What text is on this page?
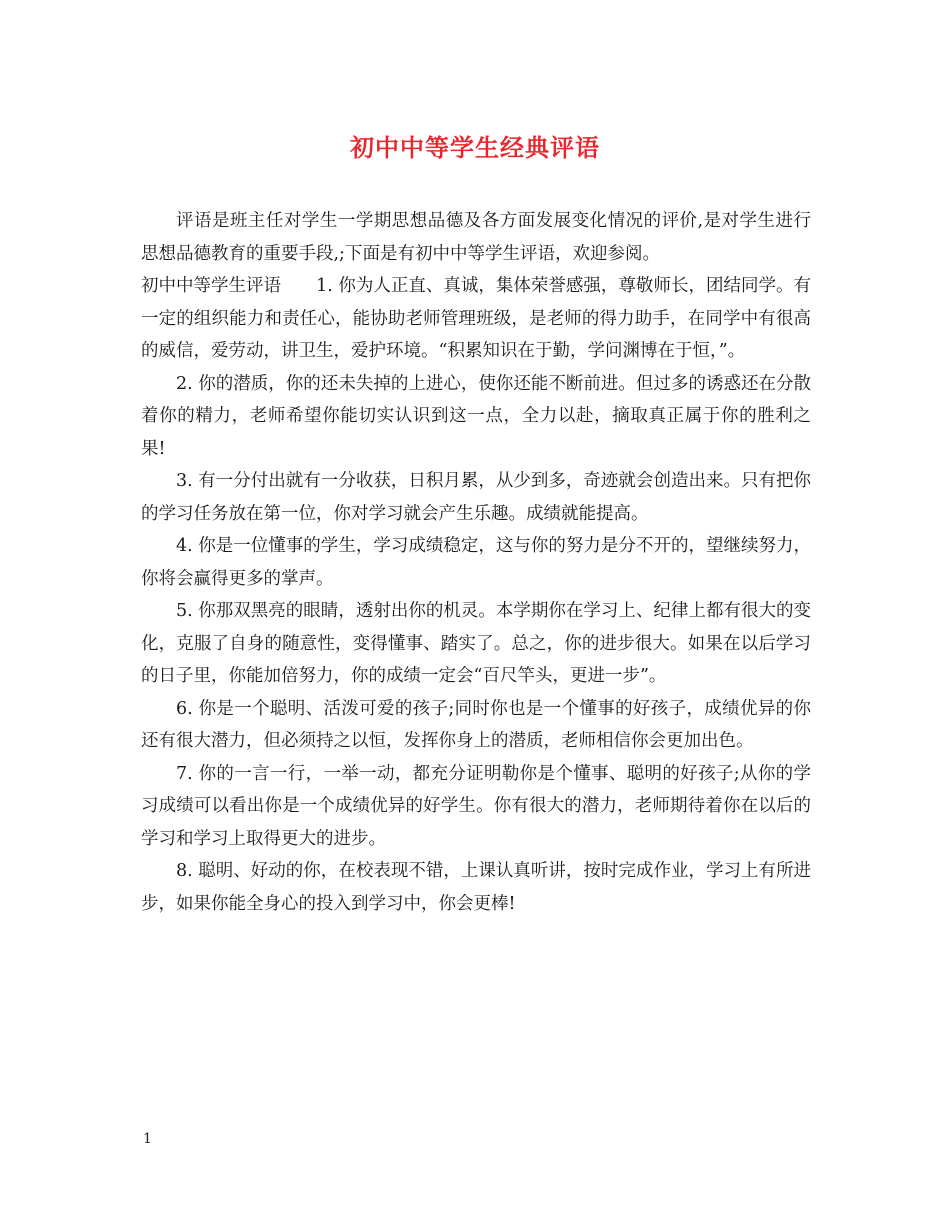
初中中等学生经典评语

评语是班主任对学生一学期思想品德及各方面发展变化情况的评价,是对学生进行思想品德教育的重要手段,;下面是有初中中等学生评语，欢迎参阅。

初中中等学生评语　　1. 你为人正直、真诚，集体荣誉感强，尊敬师长，团结同学。有一定的组织能力和责任心，能协助老师管理班级，是老师的得力助手，在同学中有很高的威信，爱劳动，讲卫生，爱护环境。“积累知识在于勤，学问渊博在于恒，”。

2. 你的潜质，你的还未失掉的上进心，使你还能不断前进。但过多的诱惑还在分散着你的精力，老师希望你能切实认识到这一点，全力以赴，摘取真正属于你的胜利之果!

3. 有一分付出就有一分收获，日积月累，从少到多，奇迹就会创造出来。只有把你的学习任务放在第一位，你对学习就会产生乐趣。成绩就能提高。

4. 你是一位懂事的学生，学习成绩稳定，这与你的努力是分不开的，望继续努力，你将会赢得更多的掌声。

5. 你那双黑亮的眼睛，透射出你的机灵。本学期你在学习上、纪律上都有很大的变化，克服了自身的随意性，变得懂事、踏实了。总之，你的进步很大。如果在以后学习的日子里，你能加倍努力，你的成绩一定会“百尺竿头，更进一步”。

6. 你是一个聪明、活泼可爱的孩子;同时你也是一个懂事的好孩子，成绩优异的你还有很大潜力，但必须持之以恒，发挥你身上的潜质，老师相信你会更加出色。

7. 你的一言一行，一举一动，都充分证明勒你是个懂事、聪明的好孩子;从你的学习成绩可以看出你是一个成绩优异的好学生。你有很大的潜力，老师期待着你在以后的学习和学习上取得更大的进步。

8. 聪明、好动的你，在校表现不错，上课认真听讲，按时完成作业，学习上有所进步，如果你能全身心的投入到学习中，你会更棒!

1
